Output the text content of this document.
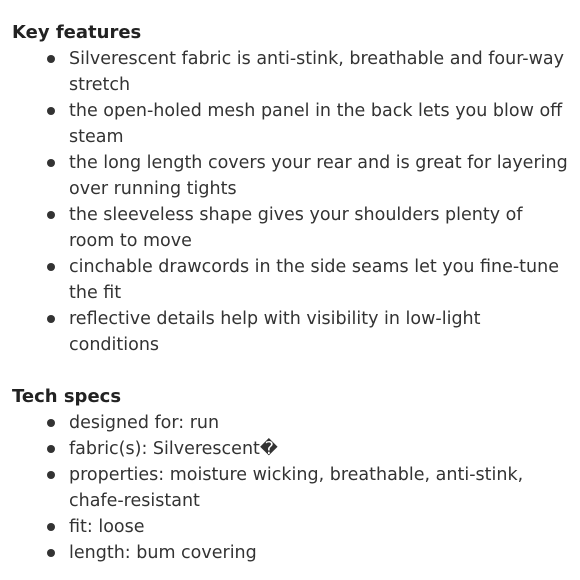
Key features
Silverescent fabric is anti-stink, breathable and four-way stretch
the open-holed mesh panel in the back lets you blow off steam
the long length covers your rear and is great for layering over running tights
the sleeveless shape gives your shoulders plenty of room to move
cinchable drawcords in the side seams let you fine-tune the fit
reflective details help with visibility in low-light conditions
Tech specs
designed for: run
fabric(s): Silverescent�
properties: moisture wicking, breathable, anti-stink, chafe-resistant
fit: loose
length: bum covering
